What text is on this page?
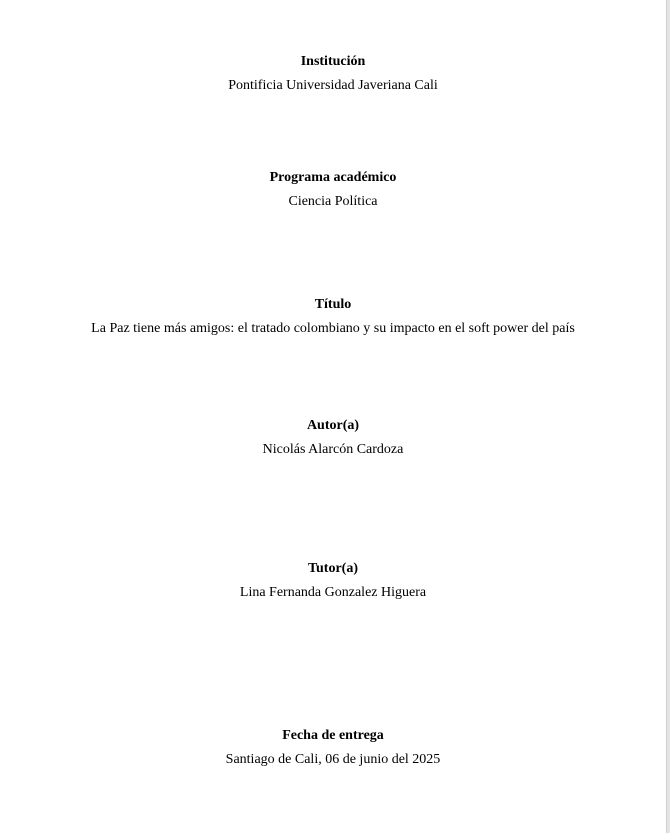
Institución
Pontificia Universidad Javeriana Cali
Programa académico
Ciencia Política
Título
La Paz tiene más amigos: el tratado colombiano y su impacto en el soft power del país
Autor(a)
Nicolás Alarcón Cardoza
Tutor(a)
Lina Fernanda Gonzalez Higuera
Fecha de entrega
Santiago de Cali, 06 de junio del 2025
